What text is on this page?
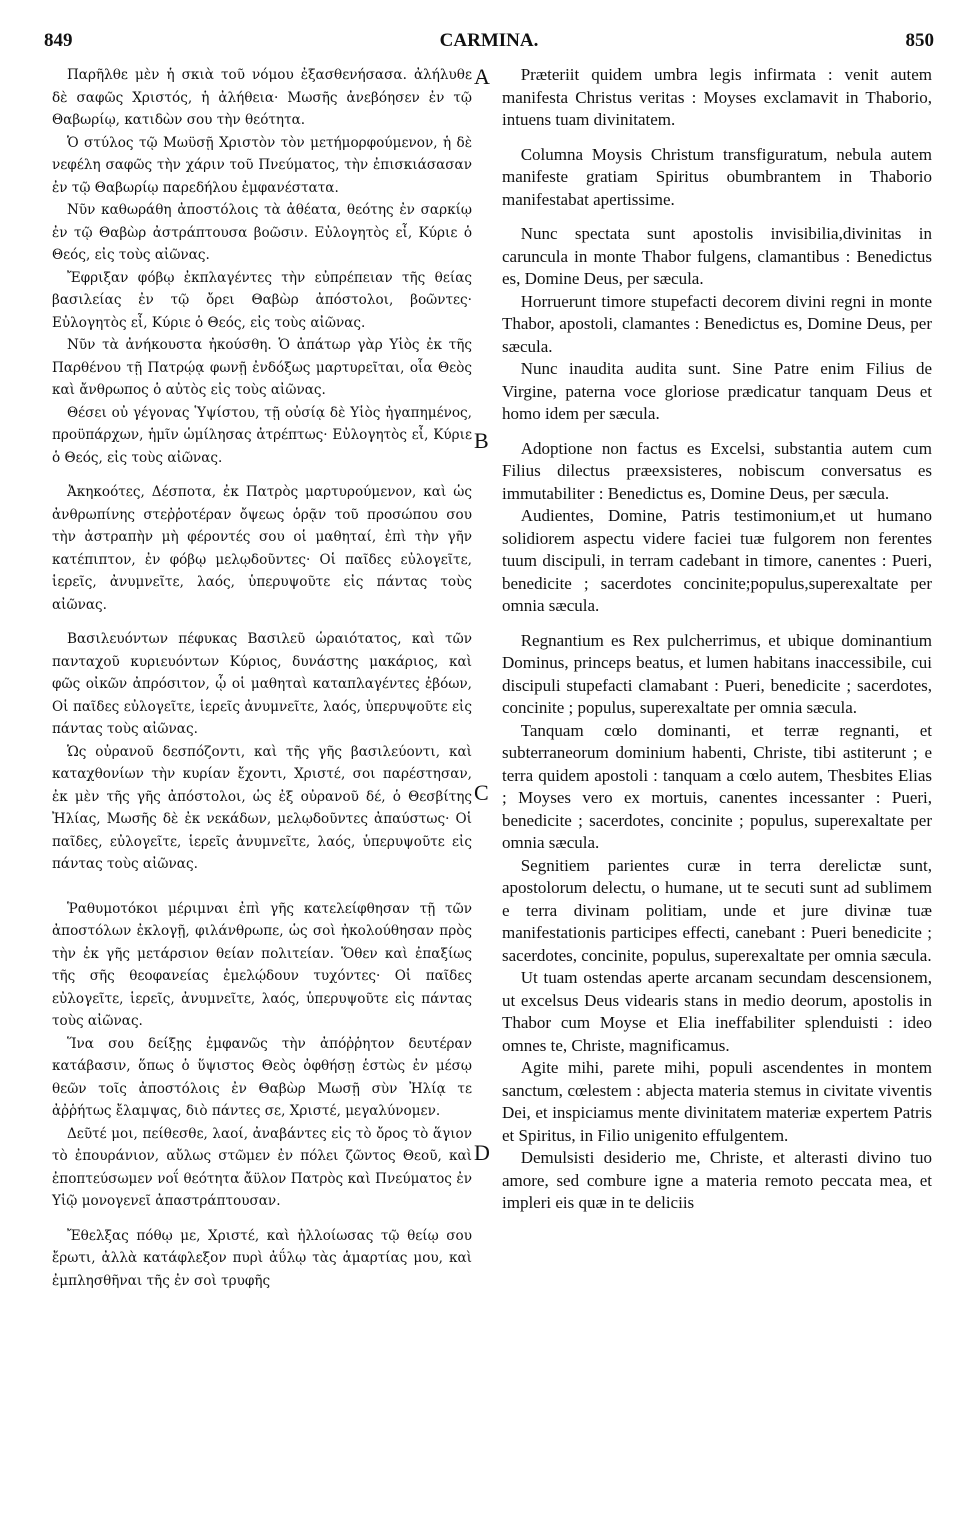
849	CARMINA.	850

Παρῆλθε μὲν ἡ σκιὰ τοῦ νόμου ἐξασθενήσασα. ἀλήλυθε δὲ σαφῶς Χριστός, ἡ ἀλήθεια· Μωσῆς ἀνεβόησεν ἐν τῷ Θαβωρίῳ, κατιδὼν σου τὴν θεότητα.

Ὁ στύλος τῷ Μωϋσῇ Χριστὸν τὸν μετήμορφούμενον, ἡ δὲ νεφέλη σαφῶς τὴν χάριν τοῦ Πνεύματος, τὴν ἐπισκιάσασαν ἐν τῷ Θαβωρίῳ παρεδήλου ἐμφανέστατα.

Νῦν καθωράθη ἀποστόλοις τὰ ἀθέατα, θεότης ἐν σαρκίῳ ἐν τῷ Θαβὼρ ἀστράπτουσα βοῶσιν. Εὐλογητὸς εἶ, Κύριε ὁ Θεός, εἰς τοὺς αἰῶνας.

Ἔφριξαν φόβῳ ἐκπλαγέντες τὴν εὐπρέπειαν τῆς θείας βασιλείας ἐν τῷ ὄρει Θαβὼρ ἀπόστολοι, βοῶντες· Εὐλογητὸς εἶ, Κύριε ὁ Θεός, εἰς τοὺς αἰῶνας.

Νῦν τὰ ἀνήκουστα ἠκούσθη. Ὁ ἀπάτωρ γὰρ Υἱὸς ἐκ τῆς Παρθένου τῇ Πατρῴᾳ φωνῇ ἐνδόξως μαρτυρεῖται, οἷα Θεὸς καὶ ἄνθρωπος ὁ αὐτὸς εἰς τοὺς αἰῶνας.

Θέσει οὐ γέγονας Ὑψίστου, τῇ οὐσίᾳ δὲ Υἱὸς ἠγαπημένος, προϋπάρχων, ἡμῖν ὡμίλησας ἀτρέπτως· Εὐλογητὸς εἶ, Κύριε ὁ Θεός, εἰς τοὺς αἰῶνας.

Ἀκηκοότες, Δέσποτα, ἐκ Πατρὸς μαρτυρούμενον, καὶ ὡς ἀνθρωπίνης στεῤῥοτέραν ὄψεως ὁρᾷν τοῦ προσώπου σου τὴν ἀστραπὴν μὴ φέροντές σου οἱ μαθηταί, ἐπὶ τὴν γῆν κατέπιπτον, ἐν φόβῳ μελῳδοῦντες· Οἱ παῖδες εὐλογεῖτε, ἱερεῖς, ἀνυμνεῖτε, λαός, ὑπερυψοῦτε εἰς πάντας τοὺς αἰῶνας.

Βασιλευόντων πέφυκας Βασιλεῦ ὡραιότατος, καὶ τῶν πανταχοῦ κυριευόντων Κύριος, δυνάστης μακάριος, καὶ φῶς οἰκῶν ἀπρόσιτον, ᾧ οἱ μαθηταὶ καταπλαγέντες ἐβόων, Οἱ παῖδες εὐλογεῖτε, ἱερεῖς ἀνυμνεῖτε, λαός, ὑπερυψοῦτε εἰς πάντας τοὺς αἰῶνας.

Ὡς οὐρανοῦ δεσπόζοντι, καὶ τῆς γῆς βασιλεύοντι, καὶ καταχθονίων τὴν κυρίαν ἔχοντι, Χριστέ, σοι παρέστησαν, ἐκ μὲν τῆς γῆς ἀπόστολοι, ὡς ἐξ οὐρανοῦ δέ, ὁ Θεσβίτης Ἠλίας, Μωσῆς δὲ ἐκ νεκάδων, μελῳδοῦντες ἀπαύστως· Οἱ παῖδες, εὐλογεῖτε, ἱερεῖς ἀνυμνεῖτε, λαός, ὑπερυψοῦτε εἰς πάντας τοὺς αἰῶνας.

Ῥαθυμοτόκοι μέριμναι ἐπὶ γῆς κατελείφθησαν τῇ τῶν ἀποστόλων ἐκλογῇ, φιλάνθρωπε, ὡς σοὶ ἠκολούθησαν πρὸς τὴν ἐκ γῆς μετάρσιον θείαν πολιτείαν. Ὅθεν καὶ ἐπαξίως τῆς σῆς θεοφανείας ἐμελῴδουν τυχόντες· Οἱ παῖδες εὐλογεῖτε, ἱερεῖς, ἀνυμνεῖτε, λαός, ὑπερυψοῦτε εἰς πάντας τοὺς αἰῶνας.

Ἵνα σου δείξῃς ἐμφανῶς τὴν ἀπόῤῥητον δευτέραν κατάβασιν, ὅπως ὁ ὕψιστος Θεὸς ὀφθήσῃ ἑστὼς ἐν μέσῳ θεῶν τοῖς ἀποστόλοις ἐν Θαβὼρ Μωσῇ σὺν Ἠλίᾳ τε ἀῤῥήτως ἔλαμψας, διὸ πάντες σε, Χριστέ, μεγαλύνομεν.

Δεῦτέ μοι, πείθεσθε, λαοί, ἀναβάντες εἰς τὸ ὄρος τὸ ἅγιον τὸ ἐπουράνιον, αὔλως στῶμεν ἐν πόλει ζῶντος Θεοῦ, καὶ ἐποπτεύσωμεν νοΐ θεότητα ἄϋλον Πατρὸς καὶ Πνεύματος ἐν Υἱῷ μονογενεῖ ἀπαστράπτουσαν.

Ἔθελξας πόθῳ με, Χριστέ, καὶ ἠλλοίωσας τῷ θείῳ σου ἔρωτι, ἀλλὰ κατάφλεξον πυρὶ ἀΰλῳ τὰς ἁμαρτίας μου, καὶ ἐμπλησθῆναι τῆς ἐν σοὶ τρυφῆς

Præteriit quidem umbra legis infirmata : venit autem manifesta Christus veritas : Moyses exclamavit in Thaborio, intuens tuam divinitatem.

Columna Moysis Christum transfiguratum, nebula autem manifeste gratiam Spiritus obumbrantem in Thaborio manifestabat apertissime.

Nunc spectata sunt apostolis invisibilia,divinitas in caruncula in monte Thabor fulgens, clamantibus : Benedictus es, Domine Deus, per sæcula.

Horruerunt timore stupefacti decorem divini regni in monte Thabor, apostoli, clamantes : Benedictus es, Domine Deus, per sæcula.

Nunc inaudita audita sunt. Sine Patre enim Filius de Virgine, paterna voce gloriose prædicatur tanquam Deus et homo idem per sæcula.

Adoptione non factus es Excelsi, substantia autem cum Filius dilectus præexsisteres, nobiscum conversatus es immutabiliter : Benedictus es, Domine Deus, per sæcula.

Audientes, Domine, Patris testimonium,et ut humano solidiorem aspectu videre faciei tuæ fulgorem non ferentes tuum discipuli, in terram cadebant in timore, canentes : Pueri, benedicite ; sacerdotes concinite;populus,superexaltate per omnia sæcula.

Regnantium es Rex pulcherrimus, et ubique dominantium Dominus, princeps beatus, et lumen habitans inaccessibile, cui discipuli stupefacti clamabant : Pueri, benedicite ; sacerdotes, concinite ; populus, superexaltate per omnia sæcula.

Tanquam cœlo dominanti, et terræ regnanti, et subterraneorum dominium habenti, Christe, tibi astiterunt ; e terra quidem apostoli : tanquam a cœlo autem, Thesbites Elias ; Moyses vero ex mortuis, canentes incessanter : Pueri, benedicite ; sacerdotes, concinite ; populus, superexaltate per omnia sæcula.

Segnitiem parientes curæ in terra derelictæ sunt, apostolorum delectu, o humane, ut te secuti sunt ad sublimem e terra divinam politiam, unde et jure divinæ tuæ manifestationis participes effecti, canebant : Pueri benedicite ; sacerdotes, concinite, populus, superexaltate per omnia sæcula.

Ut tuam ostendas aperte arcanam secundam descensionem, ut excelsus Deus videaris stans in medio deorum, apostolis in Thabor cum Moyse et Elia ineffabiliter splenduisti : ideo omnes te, Christe, magnificamus.

Agite mihi, parete mihi, populi ascendentes in montem sanctum, cœlestem : abjecta materia stemus in civitate viventis Dei, et inspiciamus mente divinitatem materiæ expertem Patris et Spiritus, in Filio unigenito effulgentem.

Demulsisti desiderio me, Christe, et alterasti divino tuo amore, sed combure igne a materia remoto peccata mea, et impleri eis quæ in te deliciis

A
B
C
D
